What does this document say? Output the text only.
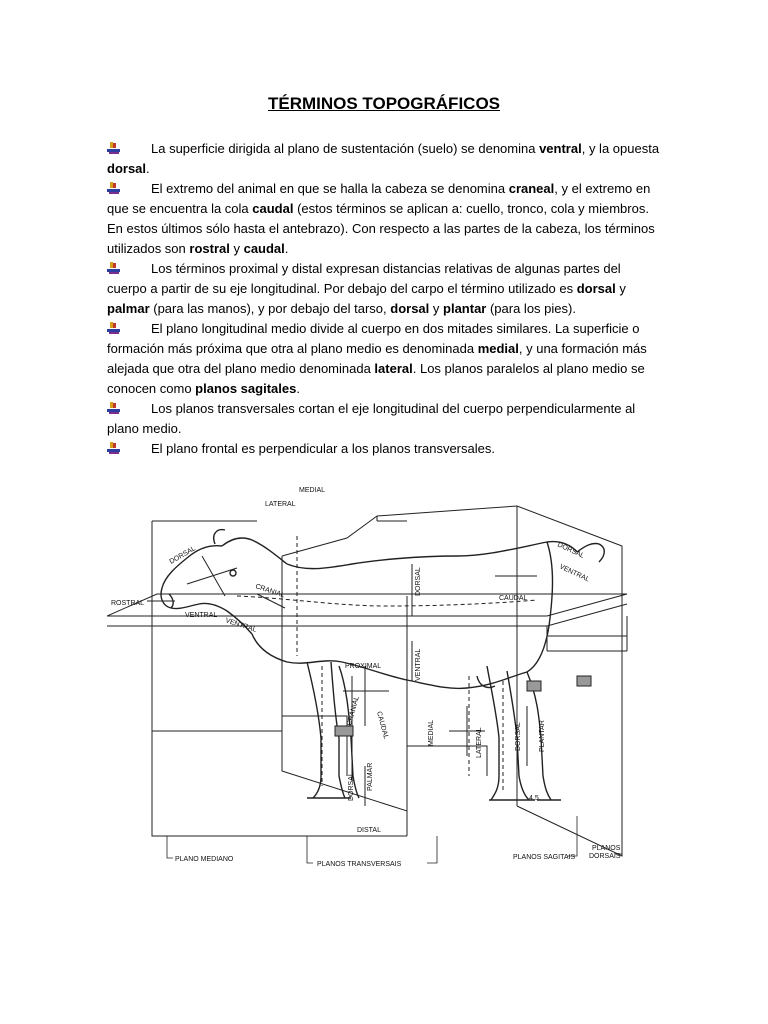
TÉRMINOS TOPOGRÁFICOS
La superficie dirigida al plano de sustentación (suelo) se denomina ventral, y la opuesta dorsal.
El extremo del animal en que se halla la cabeza se denomina craneal, y el extremo en que se encuentra la cola caudal (estos términos se aplican a: cuello, tronco, cola y miembros. En estos últimos sólo hasta el antebrazo). Con respecto a las partes de la cabeza, los términos utilizados son rostral y caudal.
Los términos proximal y distal expresan distancias relativas de algunas partes del cuerpo a partir de su eje longitudinal. Por debajo del carpo el término utilizado es dorsal y palmar (para las manos), y por debajo del tarso, dorsal y plantar (para los pies).
El plano longitudinal medio divide al cuerpo en dos mitades similares. La superficie o formación más próxima que otra al plano medio es denominada medial, y una formación más alejada que otra del plano medio denominada lateral. Los planos paralelos al plano medio se conocen como planos sagitales.
Los planos transversales cortan el eje longitudinal del cuerpo perpendicularmente al plano medio.
El plano frontal es perpendicular a los planos transversales.
MEDIAL
LATERAL
DORSAL
ROSTRAL
VENTRAL
CRANIAL
VENTRAL
DORSAL
CAUDAL
VENTRAL
PROXIMAL
CRANIAL CAUDAL
DORSAL
VENTRAL
MEDIAL	LATERAL	DORSAL PLANTAR
DORSAL PALMAR
DISTAL
PLANO MEDIANO
PLANOS TRANSVERSAIS
PLANOS SAGITAIS
PLANOS
DORSAIS
4.5.
